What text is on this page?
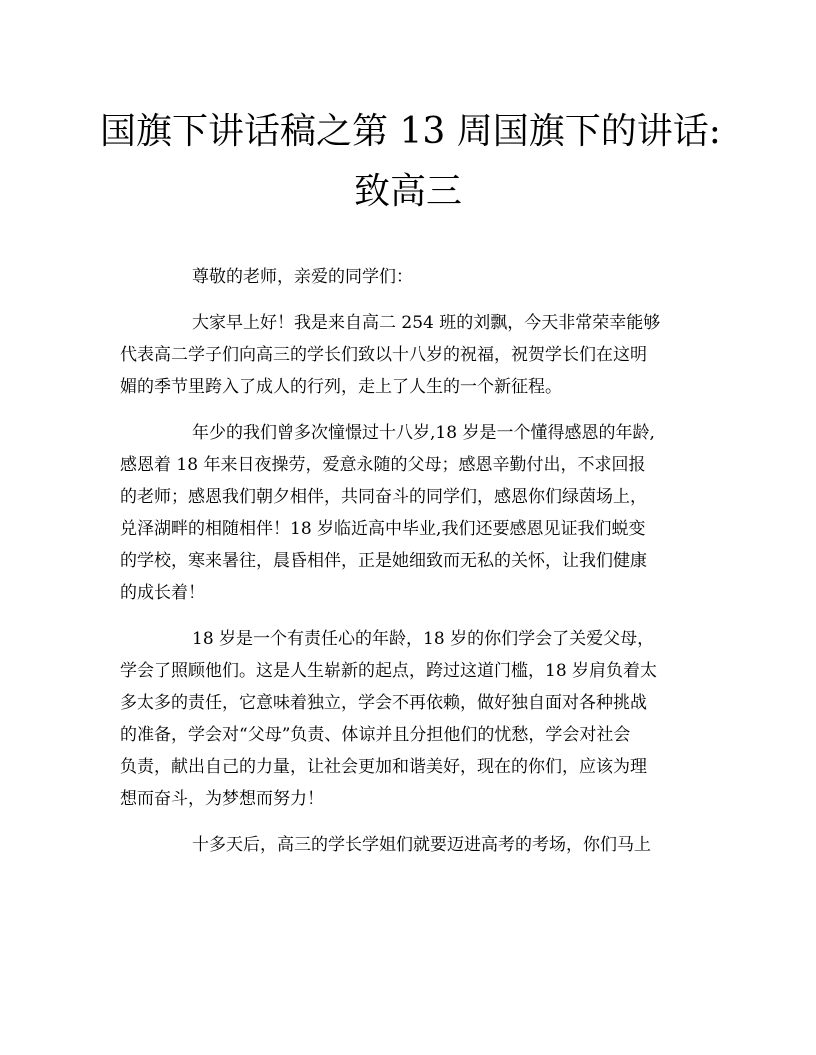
国旗下讲话稿之第 13 周国旗下的讲话:
致高三
尊敬的老师，亲爱的同学们：
大家早上好！我是来自高二 254 班的刘飘，今天非常荣幸能够
代表高二学子们向高三的学长们致以十八岁的祝福，祝贺学长们在这明
媚的季节里跨入了成人的行列，走上了人生的一个新征程。
年少的我们曾多次憧憬过十八岁,18 岁是一个懂得感恩的年龄,
感恩着 18 年来日夜操劳，爱意永随的父母；感恩辛勤付出，不求回报
的老师；感恩我们朝夕相伴，共同奋斗的同学们，感恩你们绿茵场上，
兑泽湖畔的相随相伴！18 岁临近高中毕业,我们还要感恩见证我们蜕变
的学校，寒来暑往，晨昏相伴，正是她细致而无私的关怀，让我们健康
的成长着！
18 岁是一个有责任心的年龄，18 岁的你们学会了关爱父母，
学会了照顾他们。这是人生崭新的起点，跨过这道门槛，18 岁肩负着太
多太多的责任，它意味着独立，学会不再依赖，做好独自面对各种挑战
的准备，学会对“父母”负责、体谅并且分担他们的忧愁，学会对社会
负责，献出自己的力量，让社会更加和谐美好，现在的你们，应该为理
想而奋斗，为梦想而努力！
十多天后，高三的学长学姐们就要迈进高考的考场，你们马上
